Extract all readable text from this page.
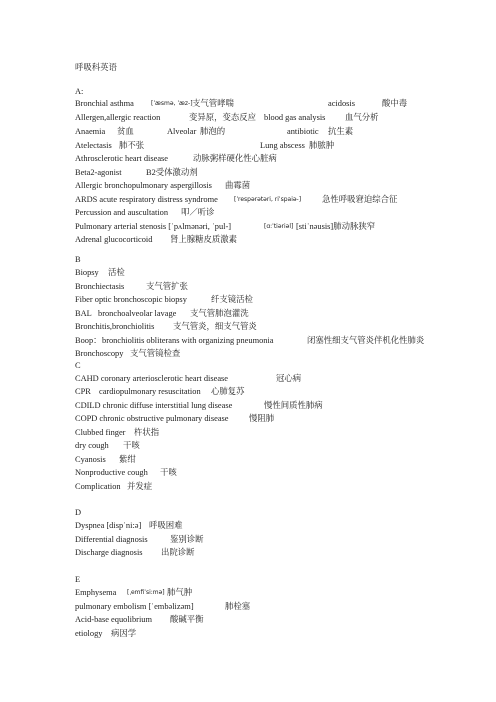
呼吸科英语
A:
Bronchial asthma	[ˈæsmə, ˈæz-] 支气管哮喘	acidosis	酸中毒
Allergen,allergic reaction	变异原，变态反应 blood gas analysis 血气分析
Anaemia 贫血	Alveolar 肺泡的	antibiotic 抗生素
Atelectasis 肺不张	Lung abscess 肺脓肿
Athrosclerotic heart disease	动脉粥样硬化性心脏病
Beta2-agonist	B2受体激动剂
Allergic bronchopulmonary aspergillosis 曲霉菌
ARDS acute respiratory distress syndrome	[ˈrespərətəri, riˈspaiə-] 急性呼吸窘迫综合征
Percussion and auscultation 叩／听诊
Pulmonary arterial stenosis [ˈpʌlmənəri, ˈpul-]	[ɑ:ˈtiəriəl] [stiˈnəusis]肺动脉狭窄
Adrenal glucocorticoid 肾上腺糖皮质激素
B
Biopsy 活检
Bronchiectasis	支气管扩张
Fiber optic bronchoscopic biopsy	纤支镜活检
BAL bronchoalveolar lavage 支气管肺泡灌洗
Bronchitis,bronchiolitis 支气管炎，细支气管炎
Boop： bronchiolitis obliterans with organizing pneumonia	闭塞性细支气管炎伴机化性肺炎
Bronchoscopy 支气管镜检查
C
CAHD coronary arteriosclerotic heart disease	冠心病
CPR cardiopulmonary resuscitation 心肺复苏
CDILD chronic diffuse interstitial lung disease	慢性间质性肺病
COPD chronic obstructive pulmonary disease 慢阻肺
Clubbed finger 杵状指
dry cough 干咳
Cyanosis 紫绀
Nonproductive cough 干咳
Complication 并发症
D
Dyspnea [dispˈni:ə] 呼吸困难
Differential diagnosis	鉴别诊断
Discharge diagnosis 出院诊断
E
Emphysema [ˌemfiˈsi:mə] 肺气肿
pulmonary embolism [ˈembəlizəm]	肺栓塞
Acid-base equolibrium 酸碱平衡
etiology 病因学
